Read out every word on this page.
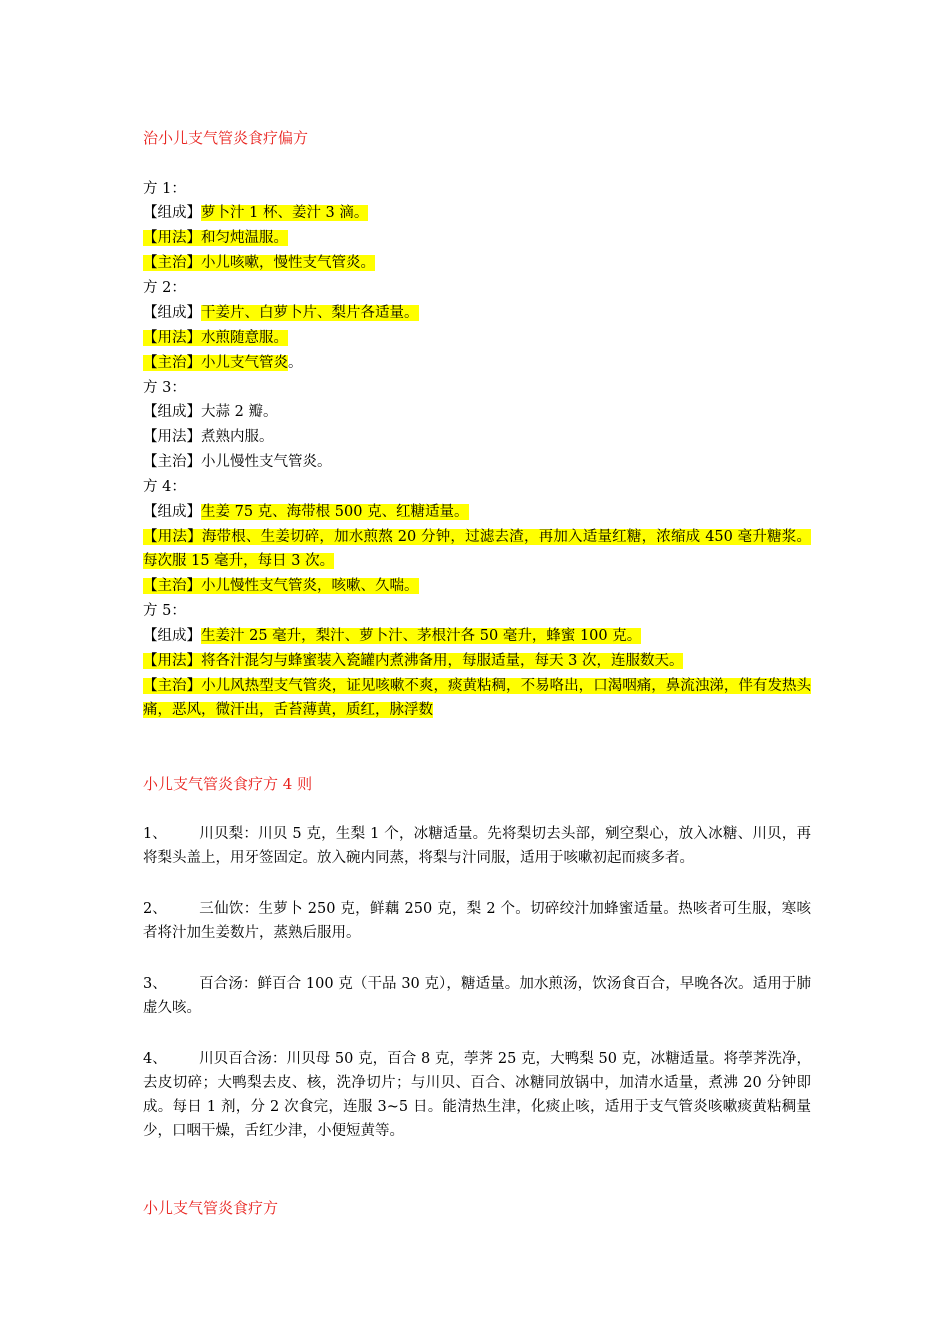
治小儿支气管炎食疗偏方
方 1：
【组成】萝卜汁 1 杯、姜汁 3 滴。
【用法】和匀炖温服。
【主治】小儿咳嗽，慢性支气管炎。
方 2：
【组成】干姜片、白萝卜片、梨片各适量。
【用法】水煎随意服。
【主治】小儿支气管炎。
方 3：
【组成】大蒜 2 瓣。
【用法】煮熟内服。
【主治】小儿慢性支气管炎。
方 4：
【组成】生姜 75 克、海带根 500 克、红糖适量。
【用法】海带根、生姜切碎，加水煎熬 20 分钟，过滤去渣，再加入适量红糖，浓缩成 450 毫升糖浆。每次服 15 毫升，每日 3 次。
【主治】小儿慢性支气管炎，咳嗽、久喘。
方 5：
【组成】生姜汁 25 毫升，梨汁、萝卜汁、茅根汁各 50 毫升，蜂蜜 100 克。
【用法】将各汁混匀与蜂蜜装入瓷罐内煮沸备用，每服适量，每天 3 次，连服数天。
【主治】小儿风热型支气管炎，证见咳嗽不爽，痰黄粘稠，不易咯出，口渴咽痛，鼻流浊涕，伴有发热头痛，恶风，微汗出，舌苔薄黄，质红，脉浮数
小儿支气管炎食疗方 4 则
1、 川贝梨：川贝 5 克，生梨 1 个，冰糖适量。先将梨切去头部，剜空梨心，放入冰糖、川贝，再将梨头盖上，用牙签固定。放入碗内同蒸，将梨与汁同服，适用于咳嗽初起而痰多者。
2、 三仙饮：生萝卜 250 克，鲜藕 250 克，梨 2 个。切碎绞汁加蜂蜜适量。热咳者可生服，寒咳者将汁加生姜数片，蒸熟后服用。
3、 百合汤：鲜百合 100 克（干品 30 克），糖适量。加水煎汤，饮汤食百合，早晚各次。适用于肺虚久咳。
4、 川贝百合汤：川贝母 50 克，百合 8 克，荸荠 25 克，大鸭梨 50 克，冰糖适量。将荸荠洗净，去皮切碎；大鸭梨去皮、核，洗净切片；与川贝、百合、冰糖同放锅中，加清水适量，煮沸 20 分钟即成。每日 1 剂，分 2 次食完，连服 3~5 日。能清热生津，化痰止咳，适用于支气管炎咳嗽痰黄粘稠量少，口咽干燥，舌红少津，小便短黄等。
小儿支气管炎食疗方
